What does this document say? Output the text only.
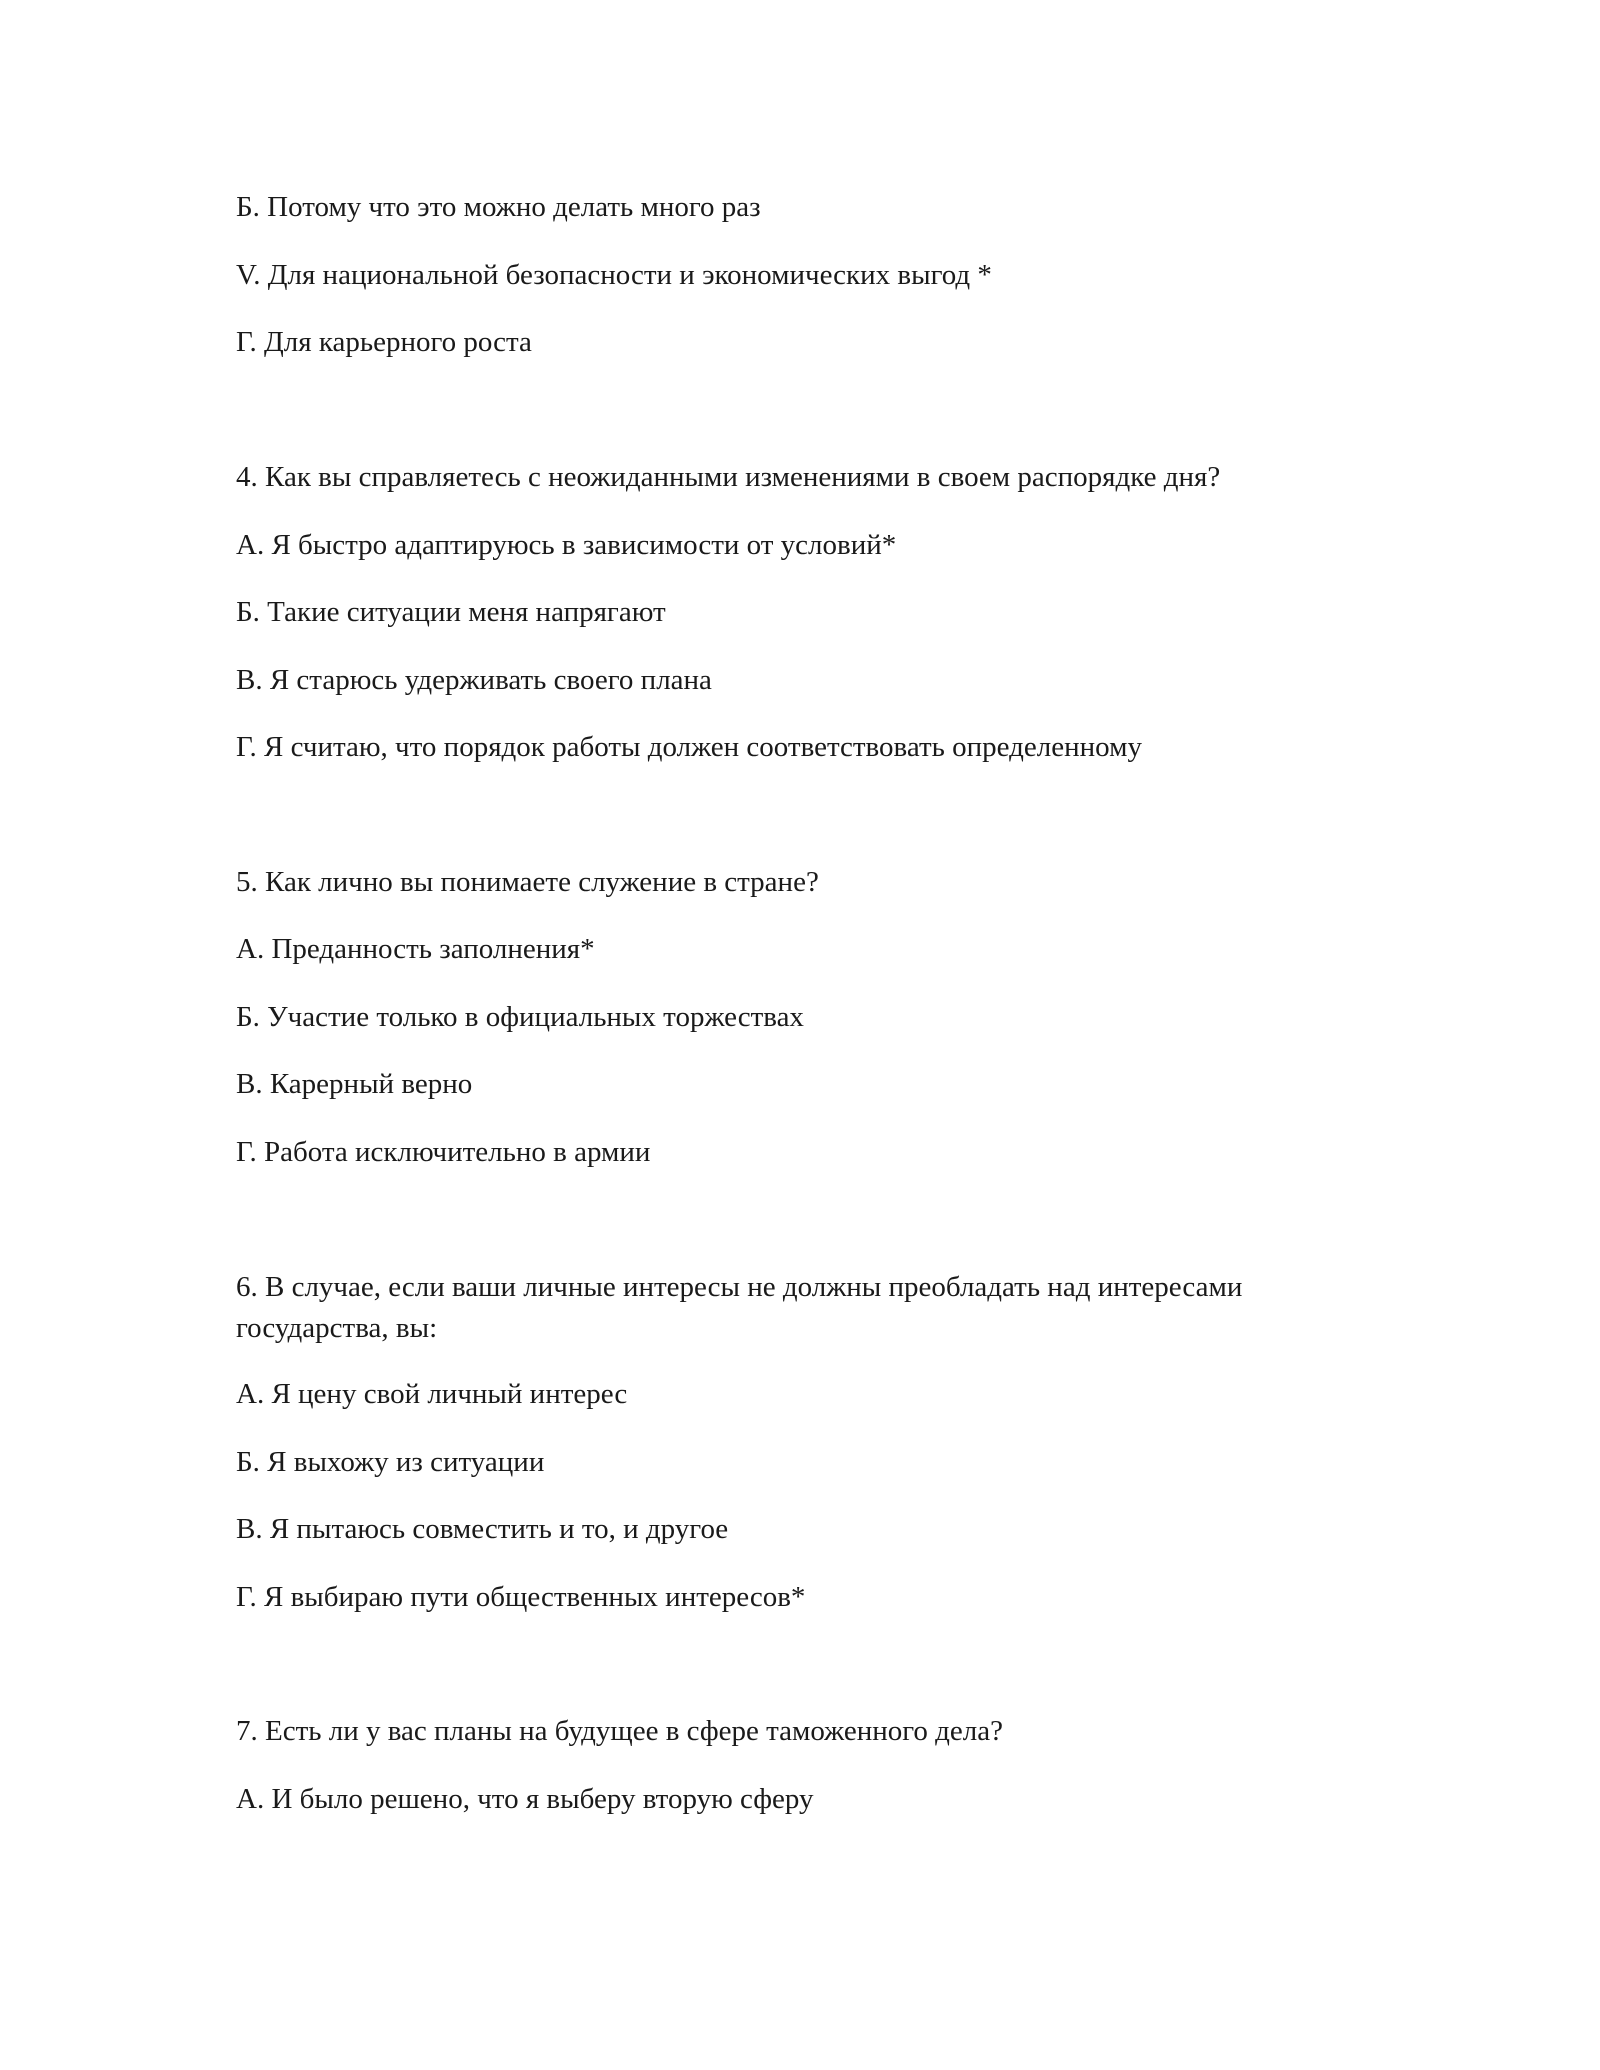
Б. Потому что это можно делать много раз
V. Для национальной безопасности и экономических выгод *
Г. Для карьерного роста
4. Как вы справляетесь с неожиданными изменениями в своем распорядке дня?
А. Я быстро адаптируюсь в зависимости от условий*
Б. Такие ситуации меня напрягают
В. Я старюсь удерживать своего плана
Г. Я считаю, что порядок работы должен соответствовать определенному
5. Как лично вы понимаете служение в стране?
А. Преданность заполнения*
Б. Участие только в официальных торжествах
В. Карерный верно
Г. Работа исключительно в армии
6. В случае, если ваши личные интересы не должны преобладать над интересами
государства, вы:
А. Я цену свой личный интерес
Б. Я выхожу из ситуации
В. Я пытаюсь совместить и то, и другое
Г. Я выбираю пути общественных интересов*
7. Есть ли у вас планы на будущее в сфере таможенного дела?
А. И было решено, что я выберу вторую сферу
